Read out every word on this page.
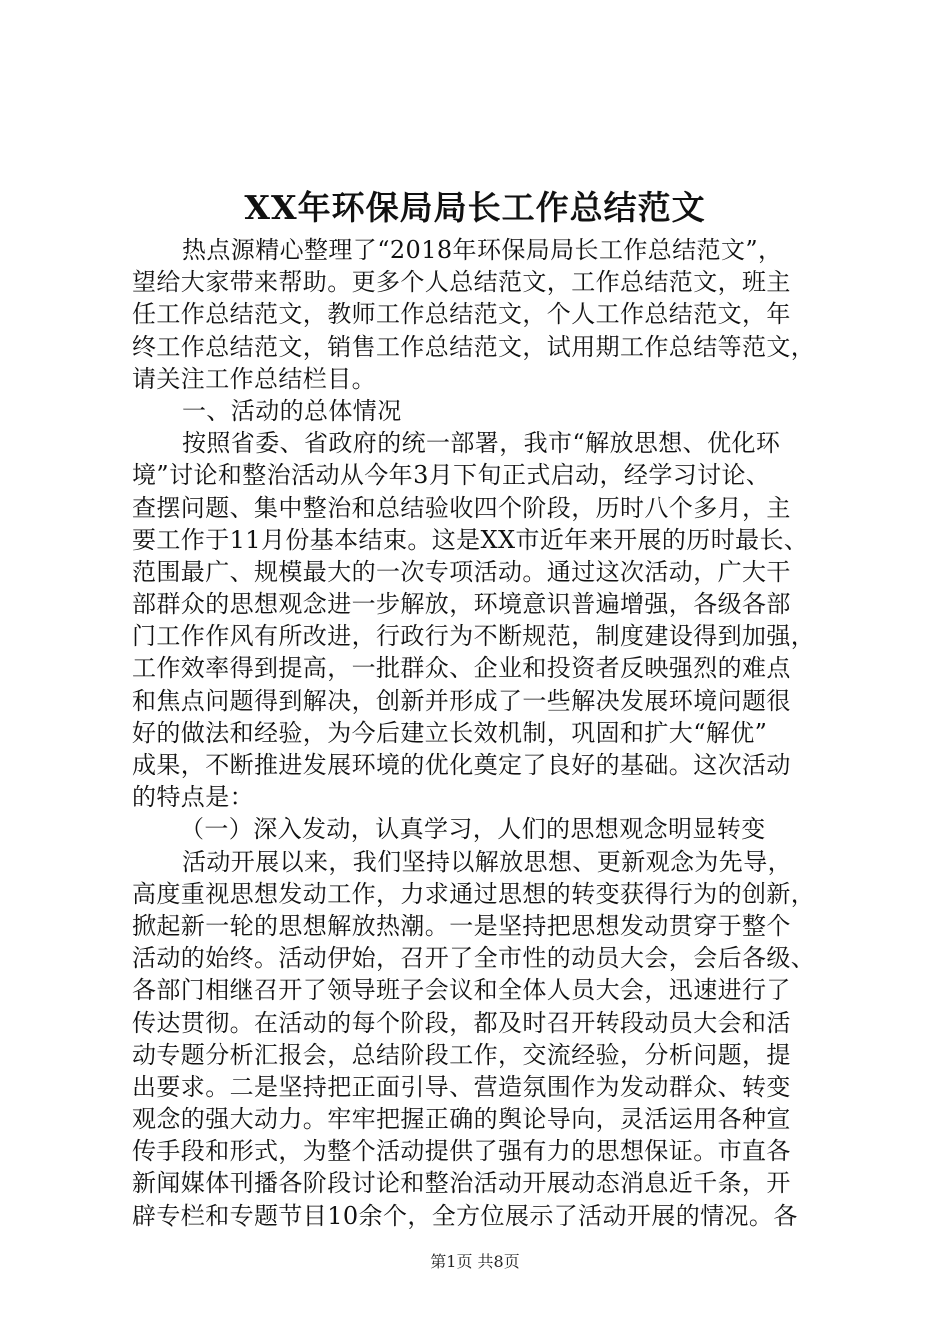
XX年环保局局长工作总结范文
热点源精心整理了“2018年环保局局长工作总结范文”，
望给大家带来帮助。更多个人总结范文，工作总结范文，班主
任工作总结范文，教师工作总结范文，个人工作总结范文，年
终工作总结范文，销售工作总结范文，试用期工作总结等范文，
请关注工作总结栏目。
一、活动的总体情况
按照省委、省政府的统一部署，我市“解放思想、优化环
境”讨论和整治活动从今年3月下旬正式启动，经学习讨论、
查摆问题、集中整治和总结验收四个阶段，历时八个多月，主
要工作于11月份基本结束。这是XX市近年来开展的历时最长、
范围最广、规模最大的一次专项活动。通过这次活动，广大干
部群众的思想观念进一步解放，环境意识普遍增强，各级各部
门工作作风有所改进，行政行为不断规范，制度建设得到加强，
工作效率得到提高，一批群众、企业和投资者反映强烈的难点
和焦点问题得到解决，创新并形成了一些解决发展环境问题很
好的做法和经验，为今后建立长效机制，巩固和扩大“解优”
成果，不断推进发展环境的优化奠定了良好的基础。这次活动
的特点是：
（一）深入发动，认真学习，人们的思想观念明显转变
活动开展以来，我们坚持以解放思想、更新观念为先导，
高度重视思想发动工作，力求通过思想的转变获得行为的创新，
掀起新一轮的思想解放热潮。一是坚持把思想发动贯穿于整个
活动的始终。活动伊始，召开了全市性的动员大会，会后各级、
各部门相继召开了领导班子会议和全体人员大会，迅速进行了
传达贯彻。在活动的每个阶段，都及时召开转段动员大会和活
动专题分析汇报会，总结阶段工作，交流经验，分析问题，提
出要求。二是坚持把正面引导、营造氛围作为发动群众、转变
观念的强大动力。牢牢把握正确的舆论导向，灵活运用各种宣
传手段和形式，为整个活动提供了强有力的思想保证。市直各
新闻媒体刊播各阶段讨论和整治活动开展动态消息近千条，开
辟专栏和专题节目10余个，全方位展示了活动开展的情况。各
第1页 共8页
